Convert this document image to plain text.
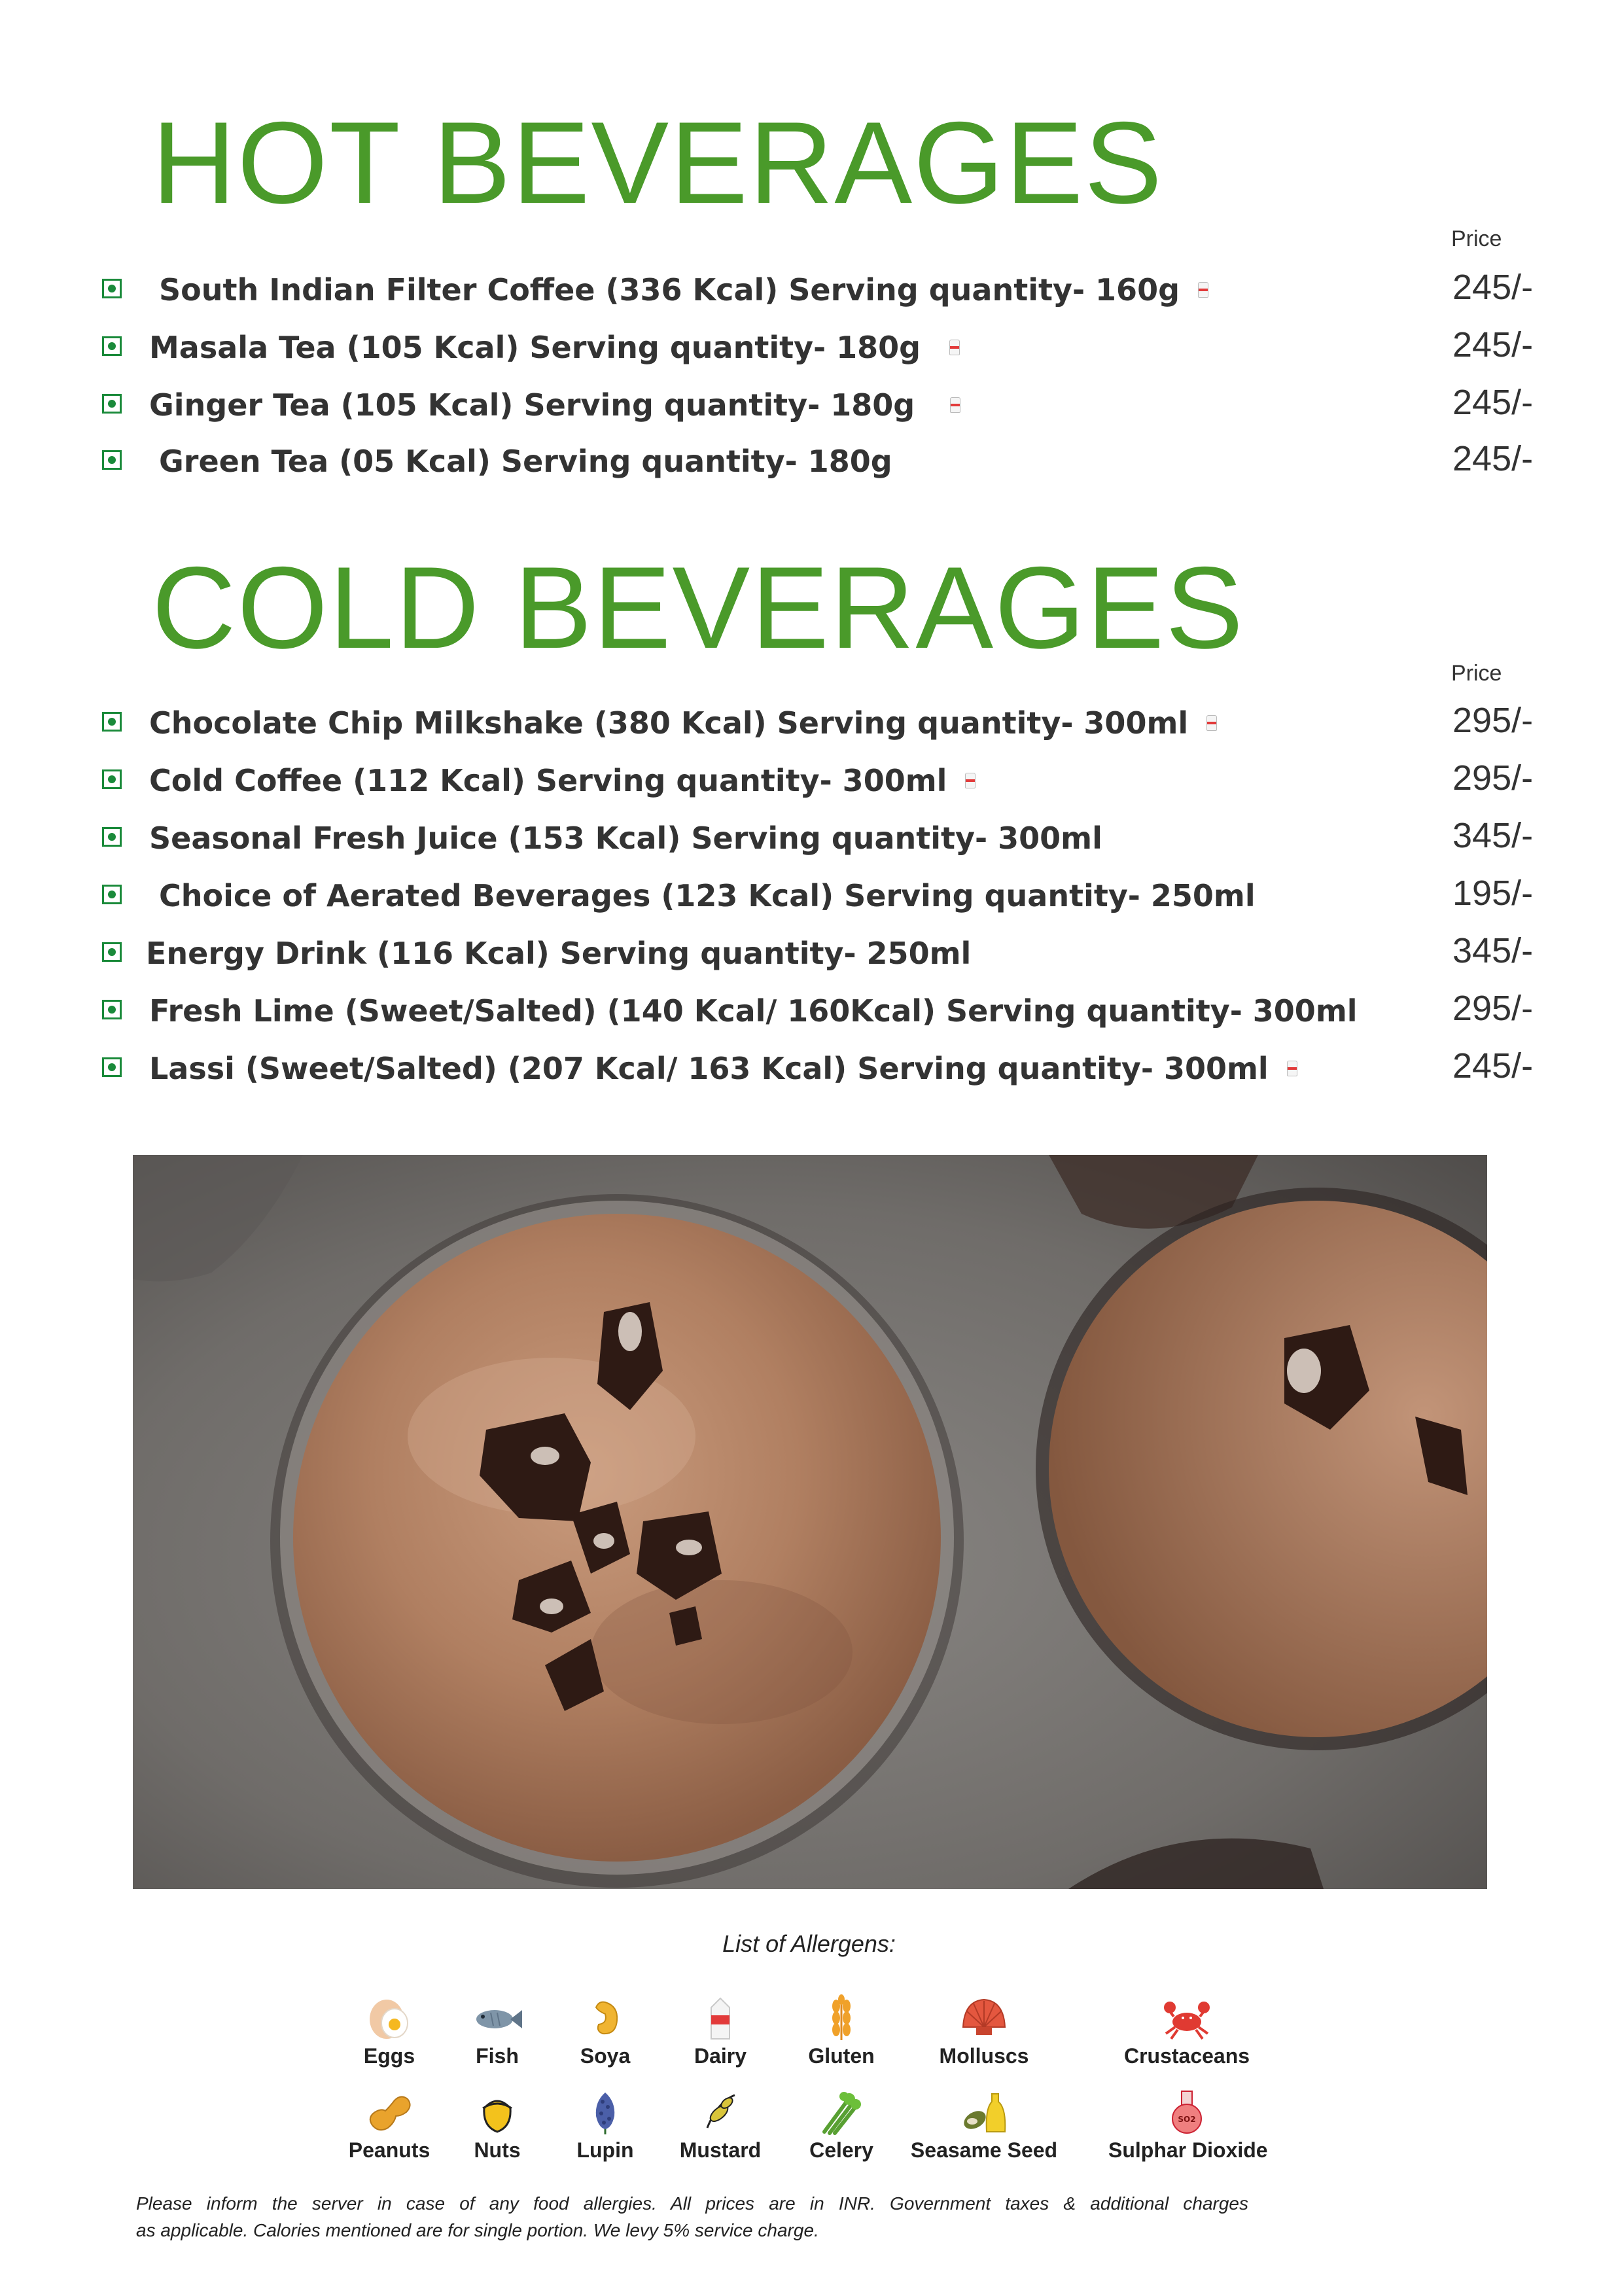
HOT BEVERAGES
Price
South Indian Filter Coffee (336 Kcal) Serving quantity- 160g	245/-
Masala Tea (105 Kcal) Serving quantity- 180g	245/-
Ginger Tea (105 Kcal) Serving quantity- 180g	245/-
Green Tea (05 Kcal) Serving quantity- 180g	245/-
COLD BEVERAGES
Price
Chocolate Chip Milkshake (380 Kcal) Serving quantity- 300ml	295/-
Cold Coffee (112 Kcal) Serving quantity- 300ml	295/-
Seasonal Fresh Juice (153 Kcal) Serving quantity- 300ml	345/-
Choice of Aerated Beverages (123 Kcal) Serving quantity- 250ml	195/-
Energy Drink (116 Kcal) Serving quantity- 250ml	345/-
Fresh Lime (Sweet/Salted) (140 Kcal/ 160Kcal) Serving quantity- 300ml	295/-
Lassi (Sweet/Salted) (207 Kcal/ 163 Kcal) Serving quantity- 300ml	245/-
List of Allergens:
Eggs	Fish	Soya	Dairy	Gluten	Molluscs	Crustaceans
Peanuts	Nuts	Lupin	Mustard	Celery	Seasame Seed
SO2
Sulphar Dioxide

Please inform the server in case of any food allergies. All prices are in INR. Government taxes & additional charges

as applicable. Calories mentioned are for single portion. We levy 5% service charge.
